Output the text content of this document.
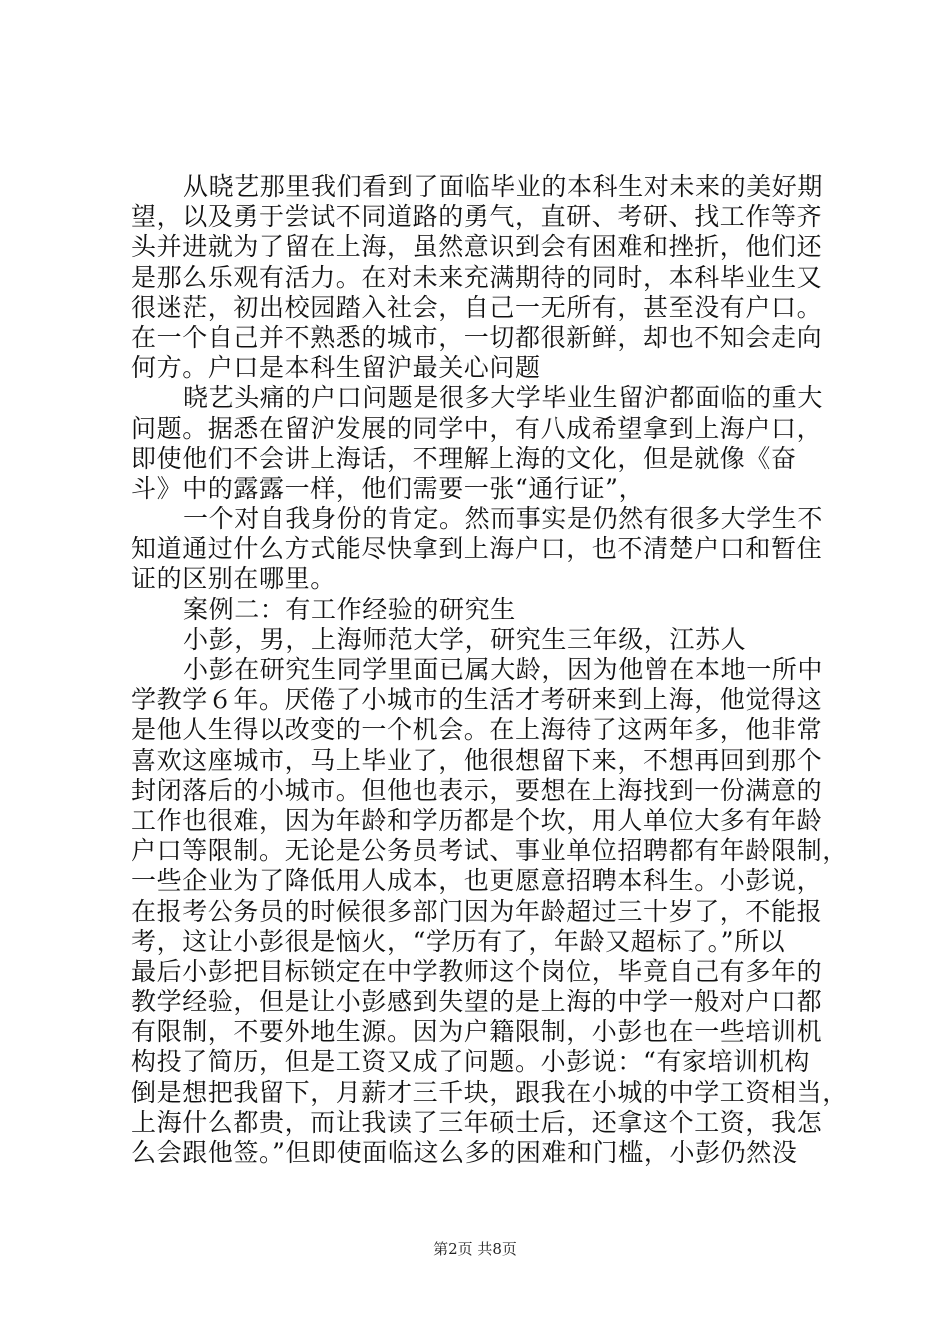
从晓艺那里我们看到了面临毕业的本科生对未来的美好期
望，以及勇于尝试不同道路的勇气，直研、考研、找工作等齐
头并进就为了留在上海，虽然意识到会有困难和挫折，他们还
是那么乐观有活力。在对未来充满期待的同时，本科毕业生又
很迷茫，初出校园踏入社会，自己一无所有，甚至没有户口。
在一个自己并不熟悉的城市，一切都很新鲜，却也不知会走向
何方。户口是本科生留沪最关心问题
晓艺头痛的户口问题是很多大学毕业生留沪都面临的重大
问题。据悉在留沪发展的同学中，有八成希望拿到上海户口，
即使他们不会讲上海话，不理解上海的文化，但是就像《奋
斗》中的露露一样，他们需要一张“通行证”，
一个对自我身份的肯定。然而事实是仍然有很多大学生不
知道通过什么方式能尽快拿到上海户口，也不清楚户口和暂住
证的区别在哪里。
案例二：有工作经验的研究生
小彭，男，上海师范大学，研究生三年级，江苏人
小彭在研究生同学里面已属大龄，因为他曾在本地一所中
学教学６年。厌倦了小城市的生活才考研来到上海，他觉得这
是他人生得以改变的一个机会。在上海待了这两年多，他非常
喜欢这座城市，马上毕业了，他很想留下来，不想再回到那个
封闭落后的小城市。但他也表示，要想在上海找到一份满意的
工作也很难，因为年龄和学历都是个坎，用人单位大多有年龄
户口等限制。无论是公务员考试、事业单位招聘都有年龄限制，
一些企业为了降低用人成本，也更愿意招聘本科生。小彭说，
在报考公务员的时候很多部门因为年龄超过三十岁了，不能报
考，这让小彭很是恼火，“学历有了，年龄又超标了。”所以
最后小彭把目标锁定在中学教师这个岗位，毕竟自己有多年的
教学经验，但是让小彭感到失望的是上海的中学一般对户口都
有限制，不要外地生源。因为户籍限制，小彭也在一些培训机
构投了简历，但是工资又成了问题。小彭说：“有家培训机构
倒是想把我留下，月薪才三千块，跟我在小城的中学工资相当，
上海什么都贵，而让我读了三年硕士后，还拿这个工资，我怎
么会跟他签。”但即使面临这么多的困难和门槛，小彭仍然没
第2页 共8页
